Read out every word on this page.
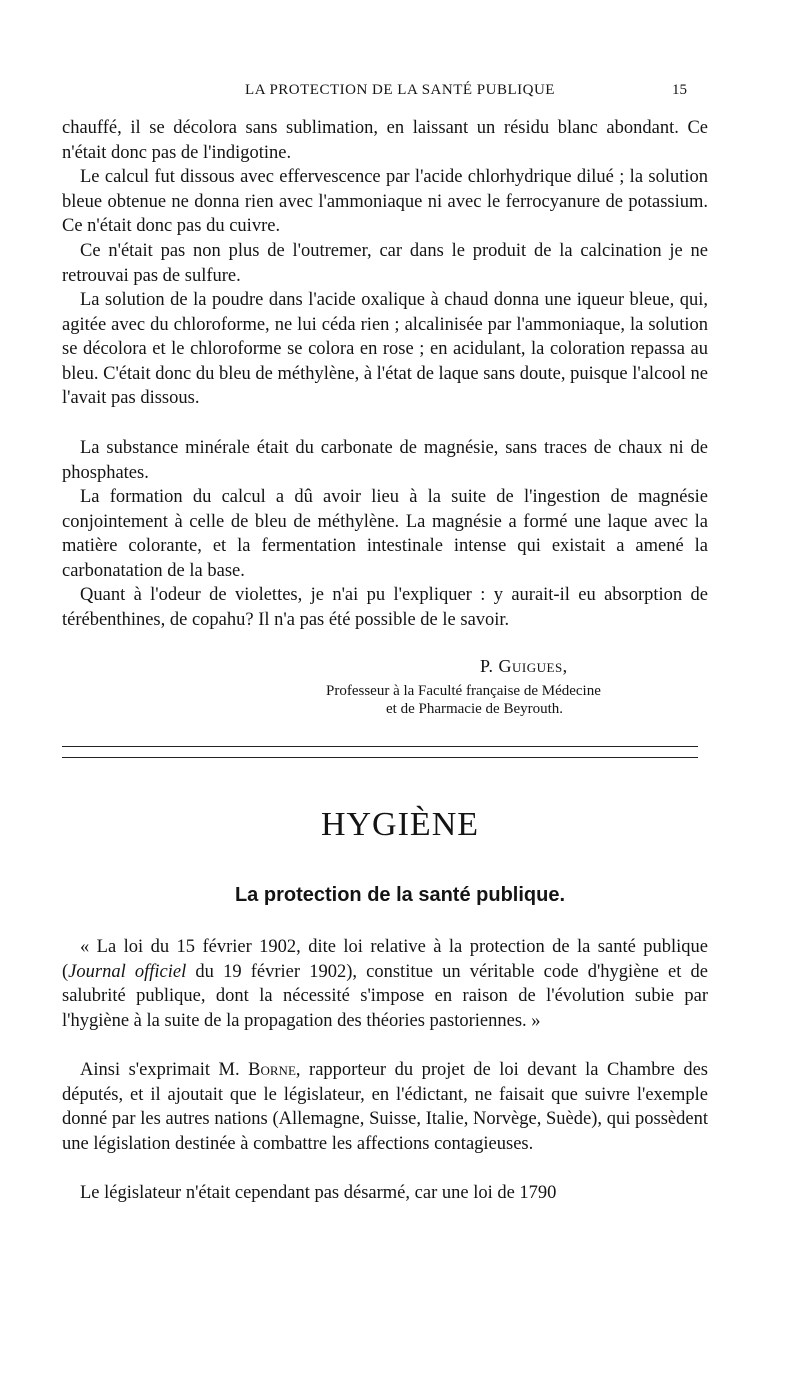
LA PROTECTION DE LA SANTÉ PUBLIQUE	15

chauffé, il se décolora sans sublimation, en laissant un résidu blanc abondant. Ce n'était donc pas de l'indigotine.

Le calcul fut dissous avec effervescence par l'acide chlorhydrique dilué ; la solution bleue obtenue ne donna rien avec l'ammoniaque ni avec le ferrocyanure de potassium. Ce n'était donc pas du cuivre.

Ce n'était pas non plus de l'outremer, car dans le produit de la calcination je ne retrouvai pas de sulfure.

La solution de la poudre dans l'acide oxalique à chaud donna une iqueur bleue, qui, agitée avec du chloroforme, ne lui céda rien ; alcalinisée par l'ammoniaque, la solution se décolora et le chloroforme se colora en rose ; en acidulant, la coloration repassa au bleu. C'était donc du bleu de méthylène, à l'état de laque sans doute, puisque l'alcool ne l'avait pas dissous.

La substance minérale était du carbonate de magnésie, sans traces de chaux ni de phosphates.

La formation du calcul a dû avoir lieu à la suite de l'ingestion de magnésie conjointement à celle de bleu de méthylène. La magnésie a formé une laque avec la matière colorante, et la fermentation intestinale intense qui existait a amené la carbonatation de la base.

Quant à l'odeur de violettes, je n'ai pu l'expliquer : y aurait-il eu absorption de térébenthines, de copahu? Il n'a pas été possible de le savoir.

P. Guigues,
Professeur à la Faculté française de Médecine
et de Pharmacie de Beyrouth.
HYGIÈNE
La protection de la santé publique.

« La loi du 15 février 1902, dite loi relative à la protection de la santé publique (Journal officiel du 19 février 1902), constitue un véritable code d'hygiène et de salubrité publique, dont la nécessité s'impose en raison de l'évolution subie par l'hygiène à la suite de la propagation des théories pastoriennes. »

Ainsi s'exprimait M. Borne, rapporteur du projet de loi devant la Chambre des députés, et il ajoutait que le législateur, en l'édictant, ne faisait que suivre l'exemple donné par les autres nations (Allemagne, Suisse, Italie, Norvège, Suède), qui possèdent une législation destinée à combattre les affections contagieuses.

Le législateur n'était cependant pas désarmé, car une loi de 1790
